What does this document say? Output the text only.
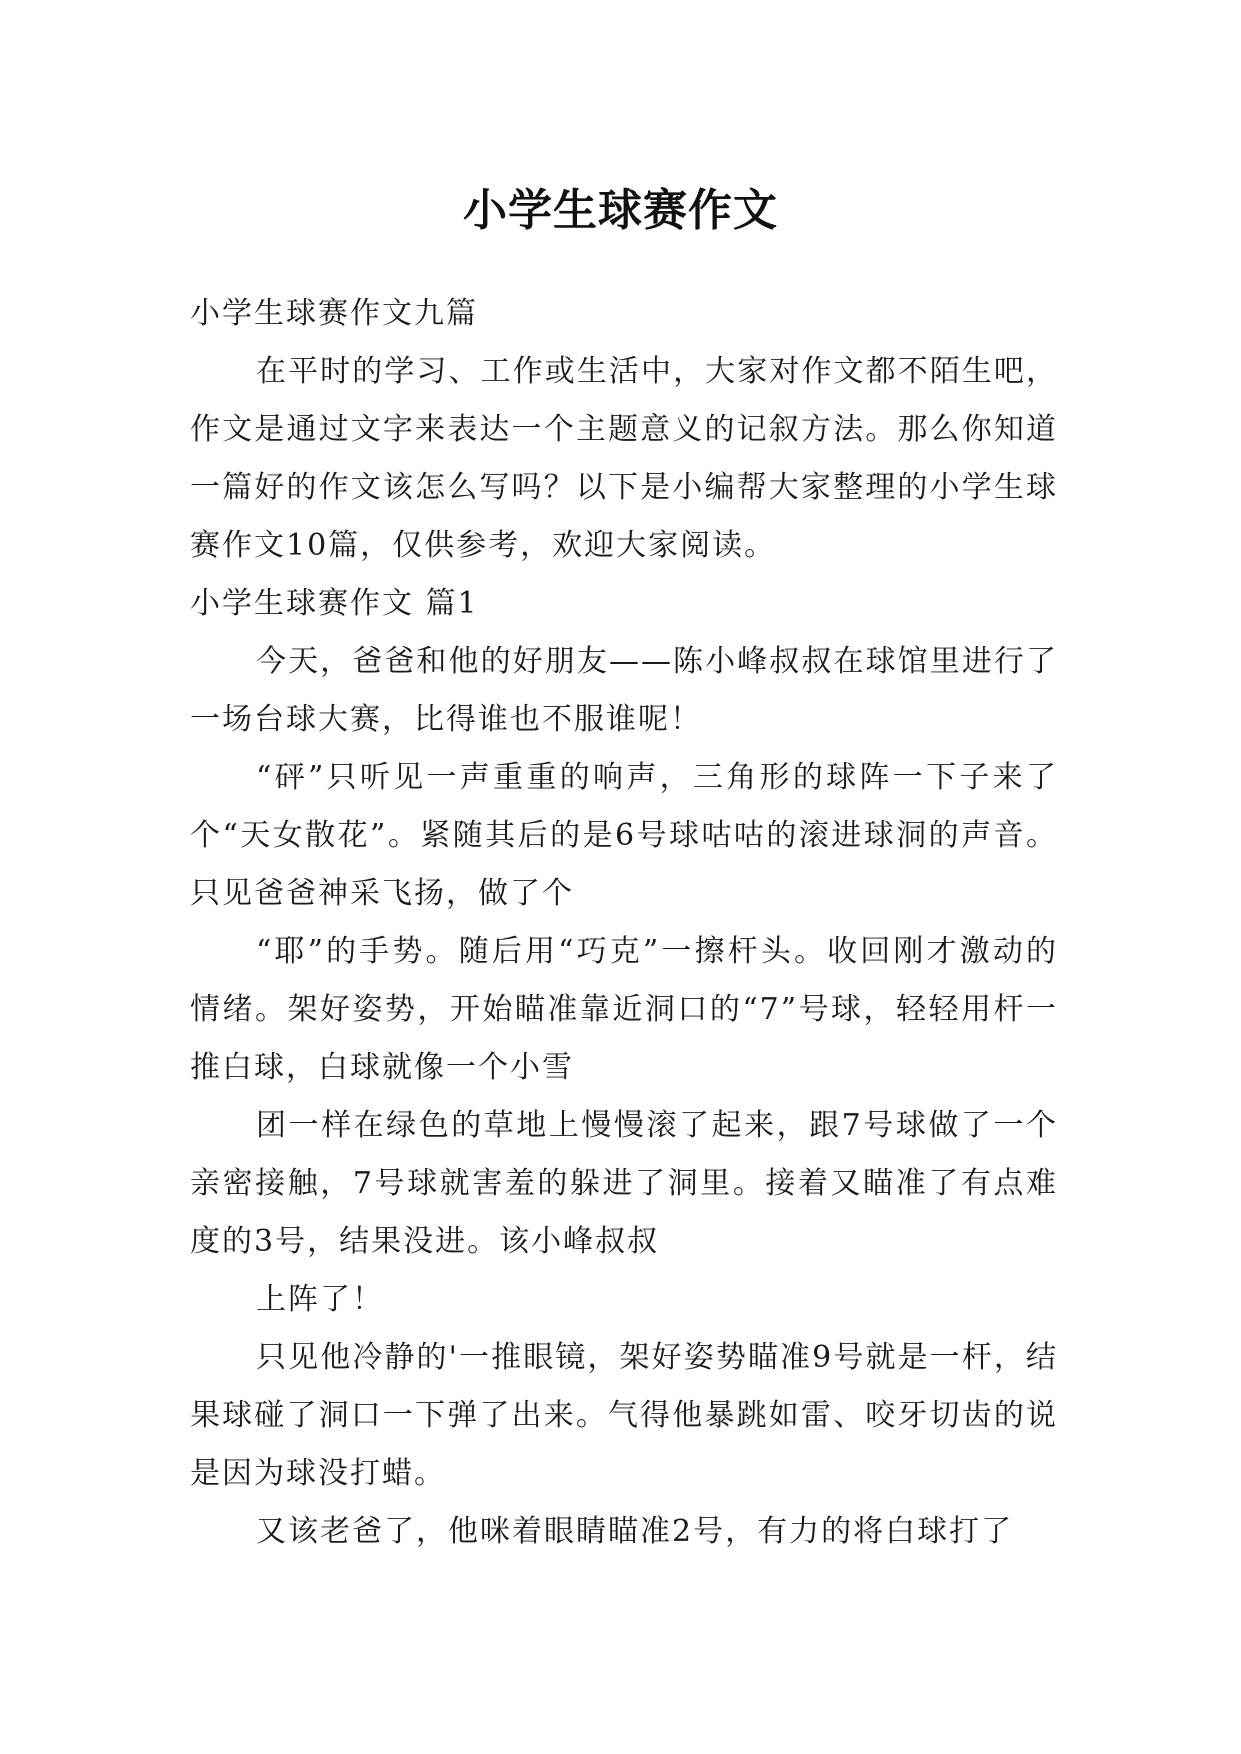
小学生球赛作文

小学生球赛作文九篇

在平时的学习、工作或生活中，大家对作文都不陌生吧，作文是通过文字来表达一个主题意义的记叙方法。那么你知道一篇好的作文该怎么写吗？以下是小编帮大家整理的小学生球赛作文10篇，仅供参考，欢迎大家阅读。

小学生球赛作文 篇1

今天，爸爸和他的好朋友——陈小峰叔叔在球馆里进行了一场台球大赛，比得谁也不服谁呢！

“砰”只听见一声重重的响声，三角形的球阵一下子来了个“天女散花”。紧随其后的是6号球咕咕的滚进球洞的声音。只见爸爸神采飞扬，做了个

“耶”的手势。随后用“巧克”一擦杆头。收回刚才激动的情绪。架好姿势，开始瞄准靠近洞口的“7”号球，轻轻用杆一推白球，白球就像一个小雪

团一样在绿色的草地上慢慢滚了起来，跟7号球做了一个亲密接触，7号球就害羞的躲进了洞里。接着又瞄准了有点难度的3号，结果没进。该小峰叔叔

上阵了！

只见他冷静的'一推眼镜，架好姿势瞄准9号就是一杆，结果球碰了洞口一下弹了出来。气得他暴跳如雷、咬牙切齿的说是因为球没打蜡。

又该老爸了，他咪着眼睛瞄准2号，有力的将白球打了
